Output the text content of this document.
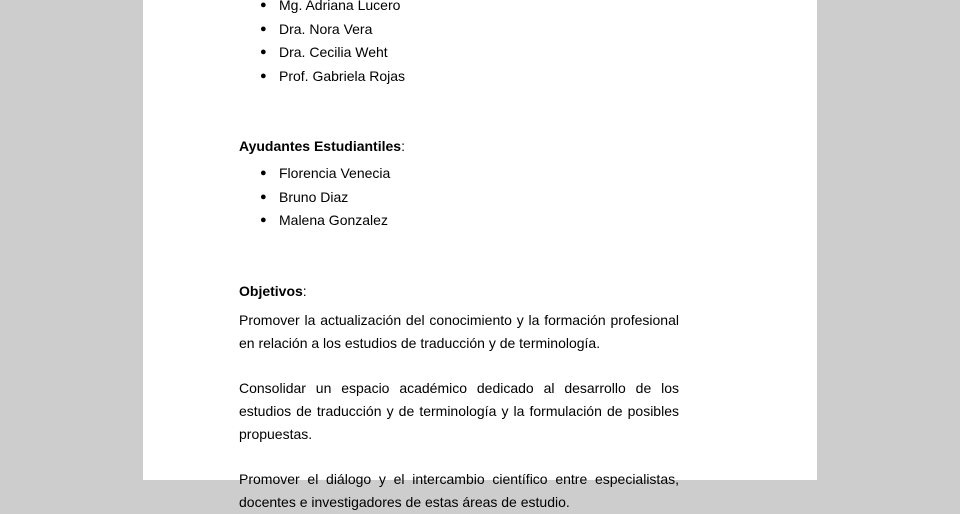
● Mg. Adriana Lucero
● Dra. Nora Vera
● Dra. Cecilia Weht
● Prof. Gabriela Rojas
Ayudantes Estudiantiles:
● Florencia Venecia
● Bruno Diaz
● Malena Gonzalez
Objetivos:

Promover la actualización del conocimiento y la formación profesional en relación a los estudios de traducción y de terminología.

Consolidar un espacio académico dedicado al desarrollo de los estudios de traducción y de terminología y la formulación de posibles propuestas.

Promover el diálogo y el intercambio científico entre especialistas, docentes e investigadores de estas áreas de estudio.
